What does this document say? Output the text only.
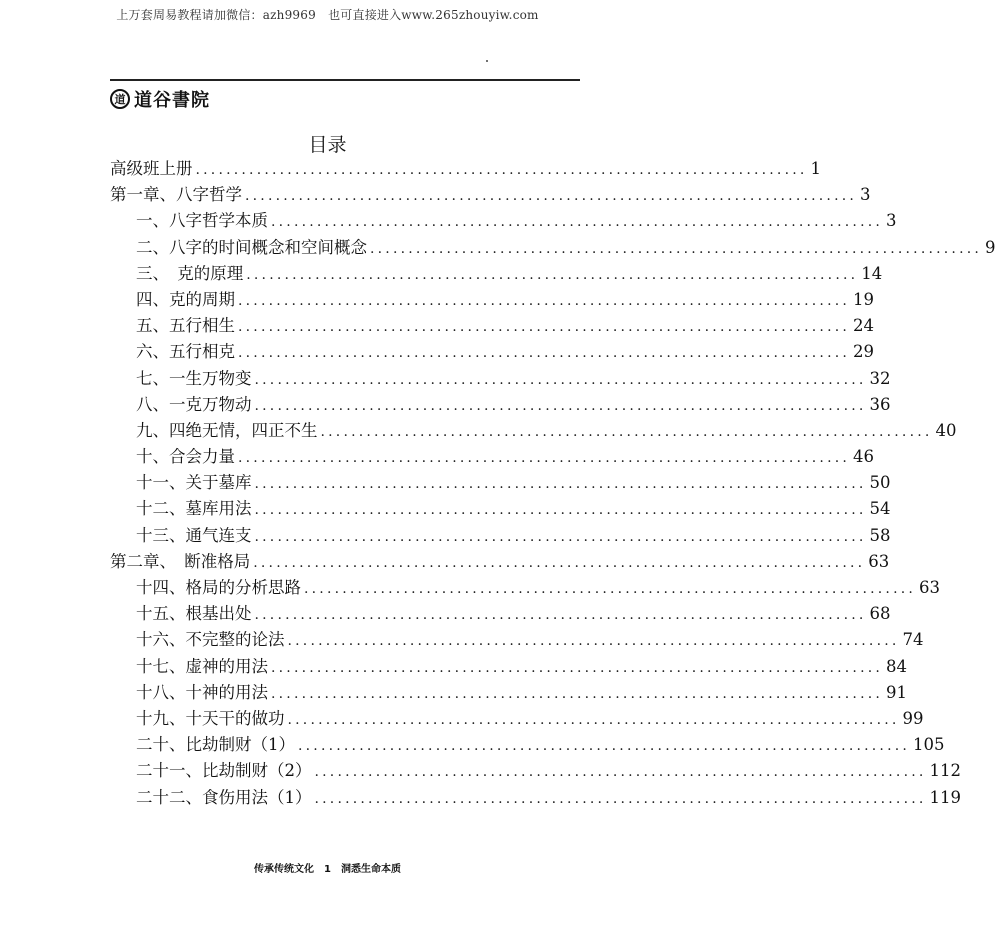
上万套周易教程请加微信：azh9969　也可直接进入www.265zhouyiw.com
道 道谷書院
目录
高级班上册 ................................................................................ 1
第一章、八字哲学 ................................................................................ 3
一、八字哲学本质 ................................................................................ 3
二、八字的时间概念和空间概念 ................................................................................ 9
三、　克的原理 ................................................................................ 14
四、克的周期 ................................................................................ 19
五、五行相生 ................................................................................ 24
六、五行相克 ................................................................................ 29
七、一生万物变 ................................................................................ 32
八、一克万物动 ................................................................................ 36
九、四绝无情，四正不生 ................................................................................ 40
十、合会力量 ................................................................................ 46
十一、关于墓库 ................................................................................ 50
十二、墓库用法 ................................................................................ 54
十三、通气连支 ................................................................................ 58
第二章、　断准格局 ................................................................................ 63
十四、格局的分析思路 ................................................................................ 63
十五、根基出处 ................................................................................ 68
十六、不完整的论法 ................................................................................ 74
十七、虚神的用法 ................................................................................ 84
十八、十神的用法 ................................................................................ 91
十九、十天干的做功 ................................................................................ 99
二十、比劫制财（1） ................................................................................ 105
二十一、比劫制财（2） ................................................................................ 112
二十二、食伤用法（1） ................................................................................ 119
传承传统文化　1　洞悉生命本质
